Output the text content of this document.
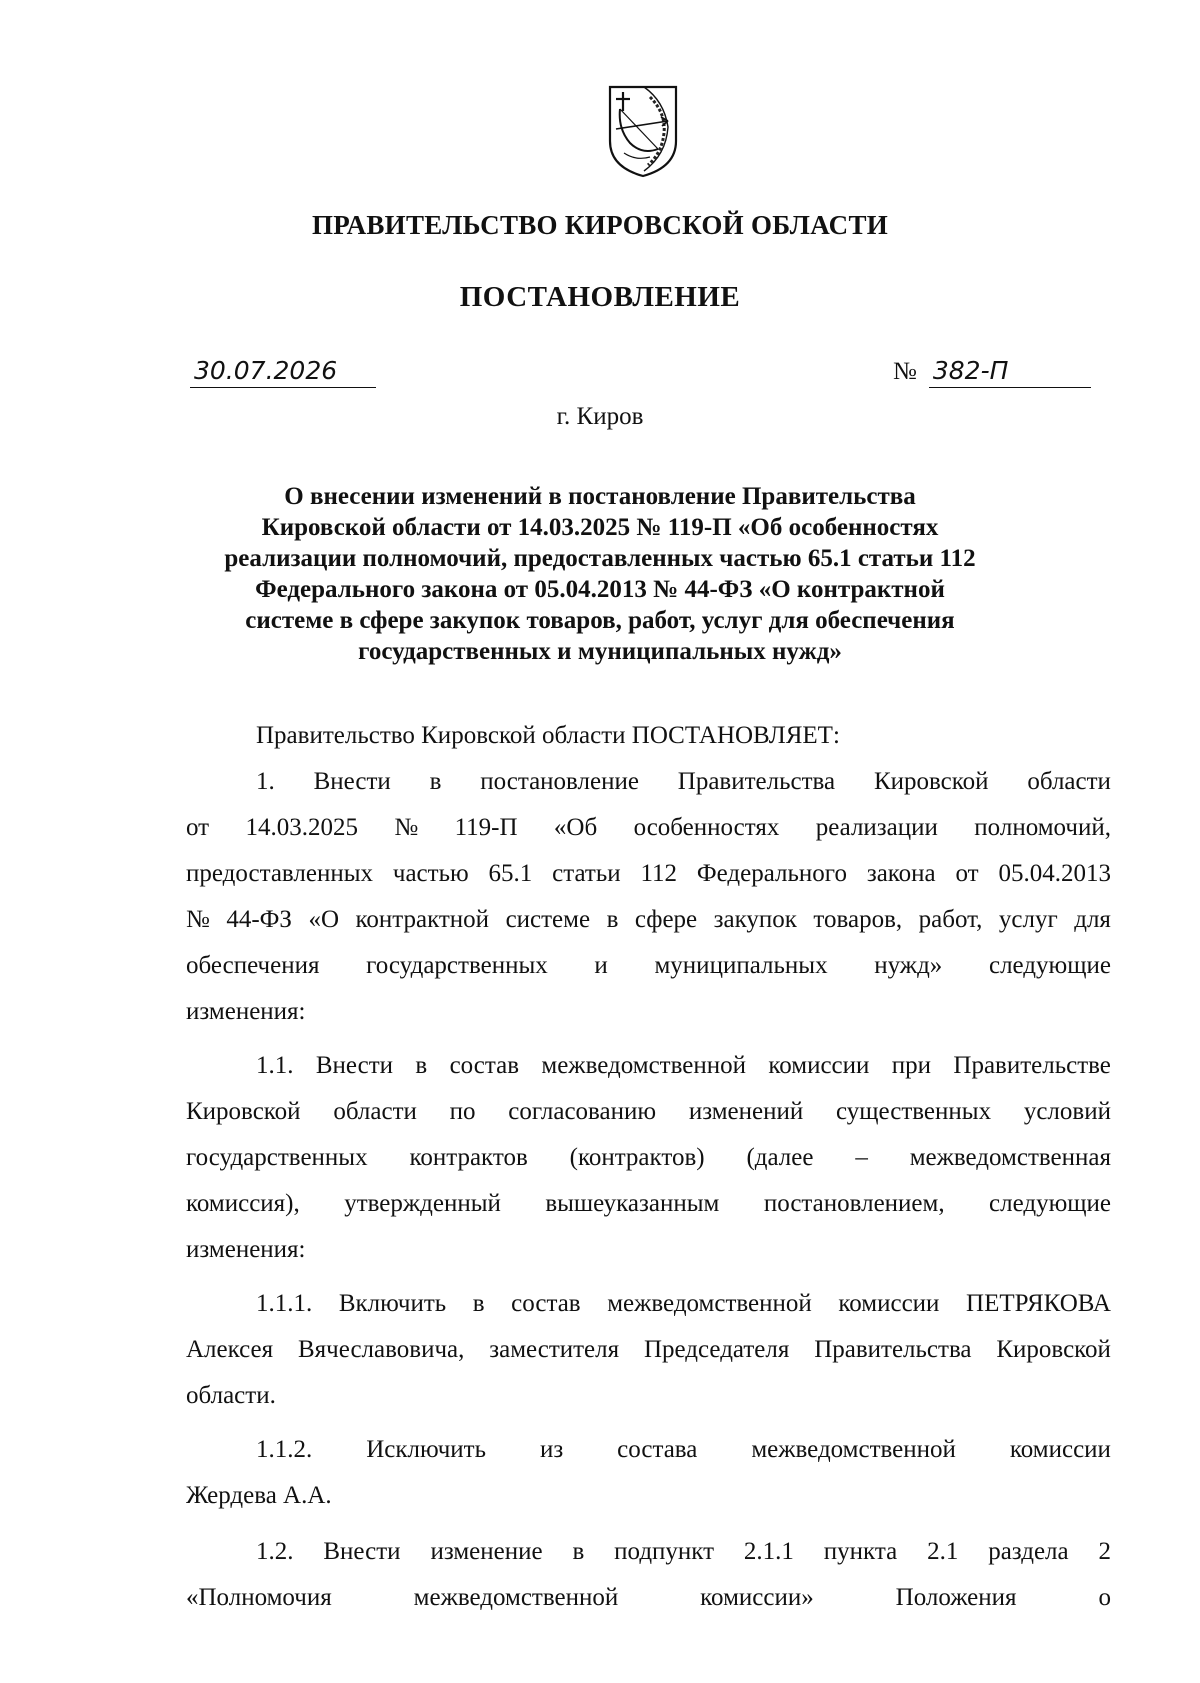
ПРАВИТЕЛЬСТВО КИРОВСКОЙ ОБЛАСТИ
ПОСТАНОВЛЕНИЕ
30.07.2026	№ 382-П
г. Киров
О внесении изменений в постановление Правительства
Кировской области от 14.03.2025 № 119-П «Об особенностях
реализации полномочий, предоставленных частью 65.1 статьи 112
Федерального закона от 05.04.2013 № 44-ФЗ «О контрактной
системе в сфере закупок товаров, работ, услуг для обеспечения
государственных и муниципальных нужд»
Правительство Кировской области ПОСТАНОВЛЯЕТ:
1. Внести в постановление Правительства Кировской области
от 14.03.2025 № 119-П «Об особенностях реализации полномочий,
предоставленных частью 65.1 статьи 112 Федерального закона от 05.04.2013
№ 44-ФЗ «О контрактной системе в сфере закупок товаров, работ, услуг для
обеспечения государственных и муниципальных нужд» следующие
изменения:
1.1. Внести в состав межведомственной комиссии при Правительстве
Кировской области по согласованию изменений существенных условий
государственных контрактов (контрактов) (далее – межведомственная
комиссия), утвержденный вышеуказанным постановлением, следующие
изменения:
1.1.1. Включить в состав межведомственной комиссии ПЕТРЯКОВА
Алексея Вячеславовича, заместителя Председателя Правительства Кировской
области.
1.1.2. Исключить из состава межведомственной комиссии
Жердева А.А.
1.2. Внести изменение в подпункт 2.1.1 пункта 2.1 раздела 2
«Полномочия	межведомственной	комиссии»	Положения	о
